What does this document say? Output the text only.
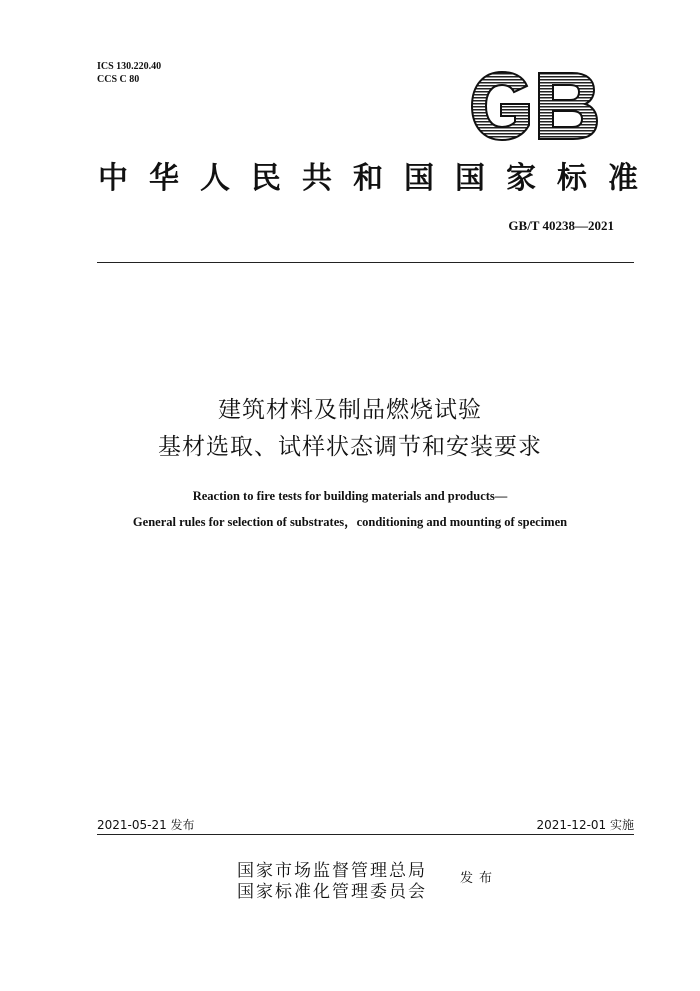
ICS 130.220.40
CCS C 80
中 华 人 民 共 和 国 国 家 标 准
GB/T 40238—2021
建筑材料及制品燃烧试验
基材选取、试样状态调节和安装要求
Reaction to fire tests for building materials and products—
General rules for selection of substrates，conditioning and mounting of specimen
2021-05-21 发布	2021-12-01 实施
国家市场监督管理总局
国家标准化管理委员会
发布
